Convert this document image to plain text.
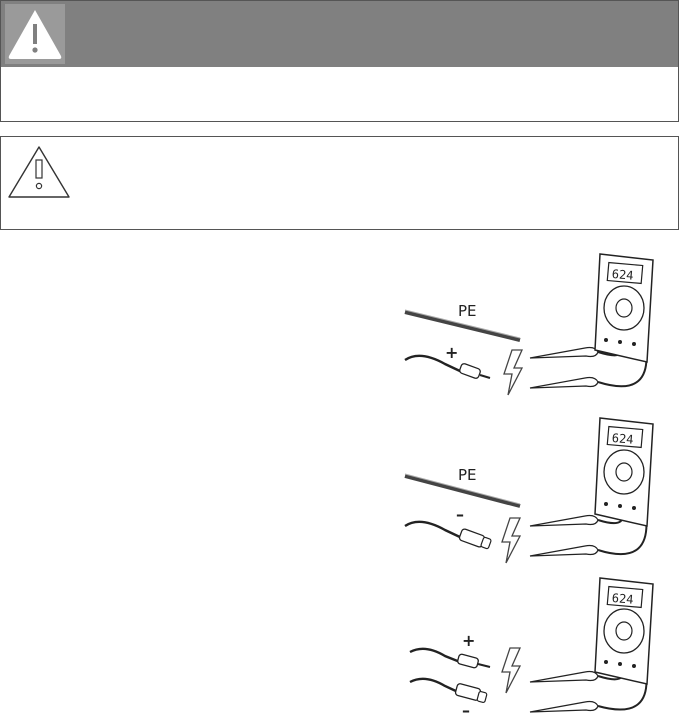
PE
+
624
PE
–
624
+
–
624
